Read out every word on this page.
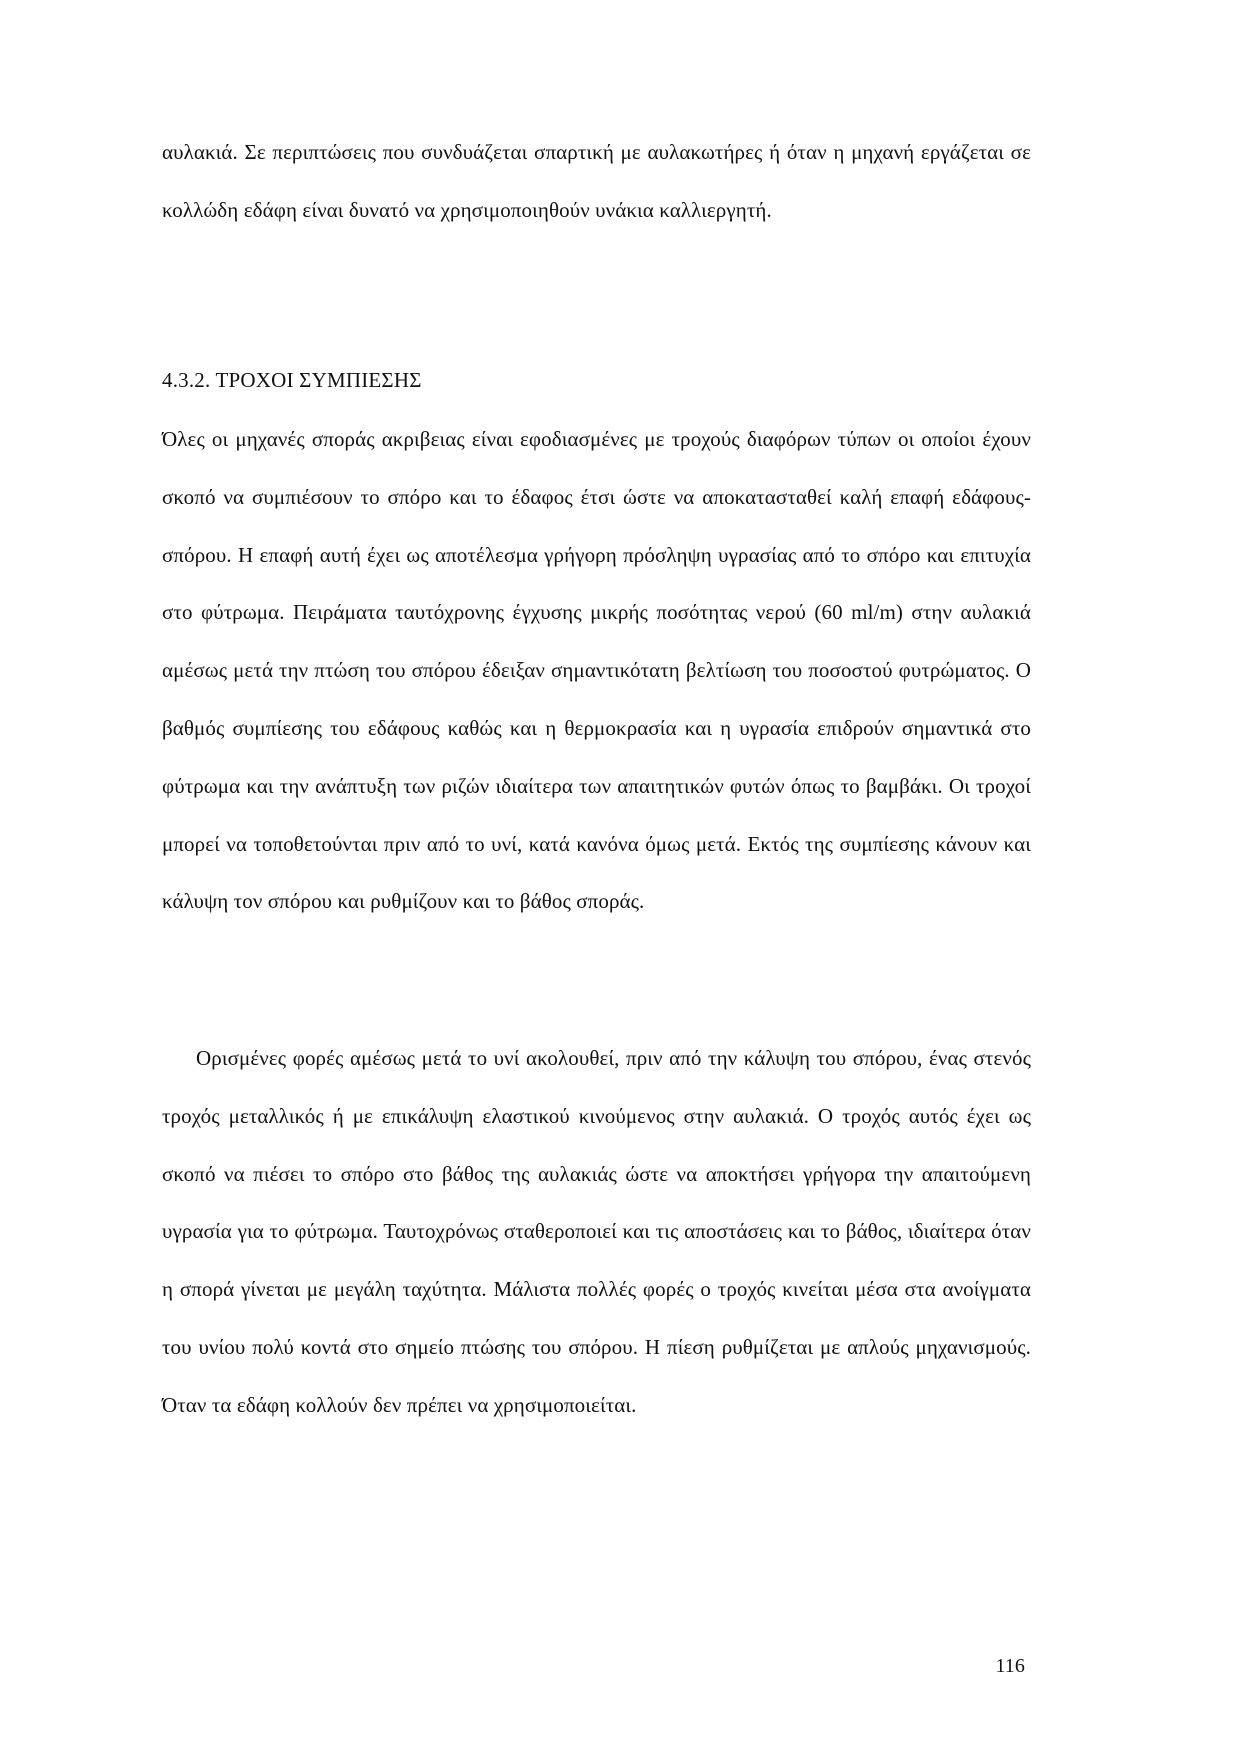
αυλακιά. Σε περιπτώσεις που συνδυάζεται σπαρτική με αυλακωτήρες ή όταν η μηχανή εργάζεται σε κολλώδη εδάφη είναι δυνατό να χρησιμοποιηθούν υνάκια καλλιεργητή.

4.3.2. ΤΡΟΧΟΙ ΣΥΜΠΙΕΣΗΣ

Όλες οι μηχανές σποράς ακριβειας είναι εφοδιασμένες με τροχούς διαφόρων τύπων οι οποίοι έχουν σκοπό να συμπιέσουν το σπόρο και το έδαφος έτσι ώστε να αποκατασταθεί καλή επαφή εδάφους-σπόρου. Η επαφή αυτή έχει ως αποτέλεσμα γρήγορη πρόσληψη υγρασίας από το σπόρο και επιτυχία στο φύτρωμα. Πειράματα ταυτόχρονης έγχυσης μικρής ποσότητας νερού (60 ml/m) στην αυλακιά αμέσως μετά την πτώση του σπόρου έδειξαν σημαντικότατη βελτίωση του ποσοστού φυτρώματος. Ο βαθμός συμπίεσης του εδάφους καθώς και η θερμοκρασία και η υγρασία επιδρούν σημαντικά στο φύτρωμα και την ανάπτυξη των ριζών ιδιαίτερα των απαιτητικών φυτών όπως το βαμβάκι. Οι τροχοί μπορεί να τοποθετούνται πριν από το υνί, κατά κανόνα όμως μετά. Εκτός της συμπίεσης κάνουν και κάλυψη τον σπόρου και ρυθμίζουν και το βάθος σποράς.

Ορισμένες φορές αμέσως μετά το υνί ακολουθεί, πριν από την κάλυψη του σπόρου, ένας στενός τροχός μεταλλικός ή με επικάλυψη ελαστικού κινούμενος στην αυλακιά. Ο τροχός αυτός έχει ως σκοπό να πιέσει το σπόρο στο βάθος της αυλακιάς ώστε να αποκτήσει γρήγορα την απαιτούμενη υγρασία για το φύτρωμα. Ταυτοχρόνως σταθεροποιεί και τις αποστάσεις και το βάθος, ιδιαίτερα όταν η σπορά γίνεται με μεγάλη ταχύτητα. Μάλιστα πολλές φορές ο τροχός κινείται μέσα στα ανοίγματα του υνίου πολύ κοντά στο σημείο πτώσης του σπόρου. Η πίεση ρυθμίζεται με απλούς μηχανισμούς. Όταν τα εδάφη κολλούν δεν πρέπει να χρησιμοποιείται.

116
